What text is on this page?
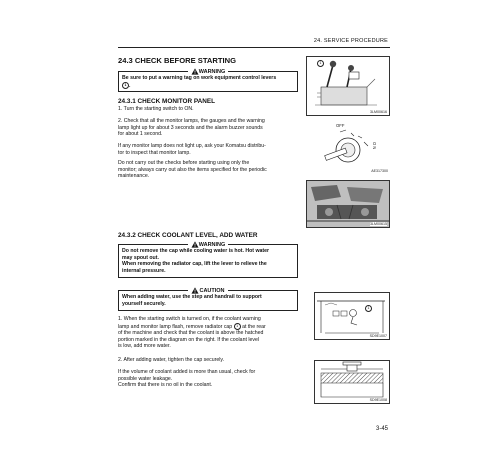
24. SERVICE PROCEDURE
24.3 CHECK BEFORE STARTING
WARNING
Be sure to put a warning tag on work equipment control levers
1 .
24.3.1 CHECK MONITOR PANEL
1. Turn the starting switch to ON.
2. Check that all the monitor lamps, the gauges and the warning
lamp light up for about 3 seconds and the alarm buzzer sounds
for about 1 second.
If any monitor lamp does not light up, ask your Komatsu distribu-
tor to inspect that monitor lamp.
Do not carry out the checks before starting using only the
monitor; always carry out also the items specified for the periodic
maintenance.
1
3LM00616
OFF
O N
AE317300
3LM00615
24.3.2 CHECK COOLANT LEVEL, ADD WATER
WARNING
Do not remove the cap while cooling water is hot. Hot water
may spout out.
When removing the radiator cap, lift the lever to relieve the
internal pressure.
CAUTION
When adding water, use the step and handrail to support
yourself securely.
1. When the starting switch is turned on, if the coolant warning
lamp and monitor lamp flash, remove radiator cap 1 at the rear
of the machine and check that the coolant is above the hatched
portion marked in the diagram on the right. If the coolant level
is low, add more water.
2. After adding water, tighten the cap securely.
If the volume of coolant added is more than usual, check for
possible water leakage.
Confirm that there is no oil in the coolant.
1
SD9E1007
SD9E1008
3-45
